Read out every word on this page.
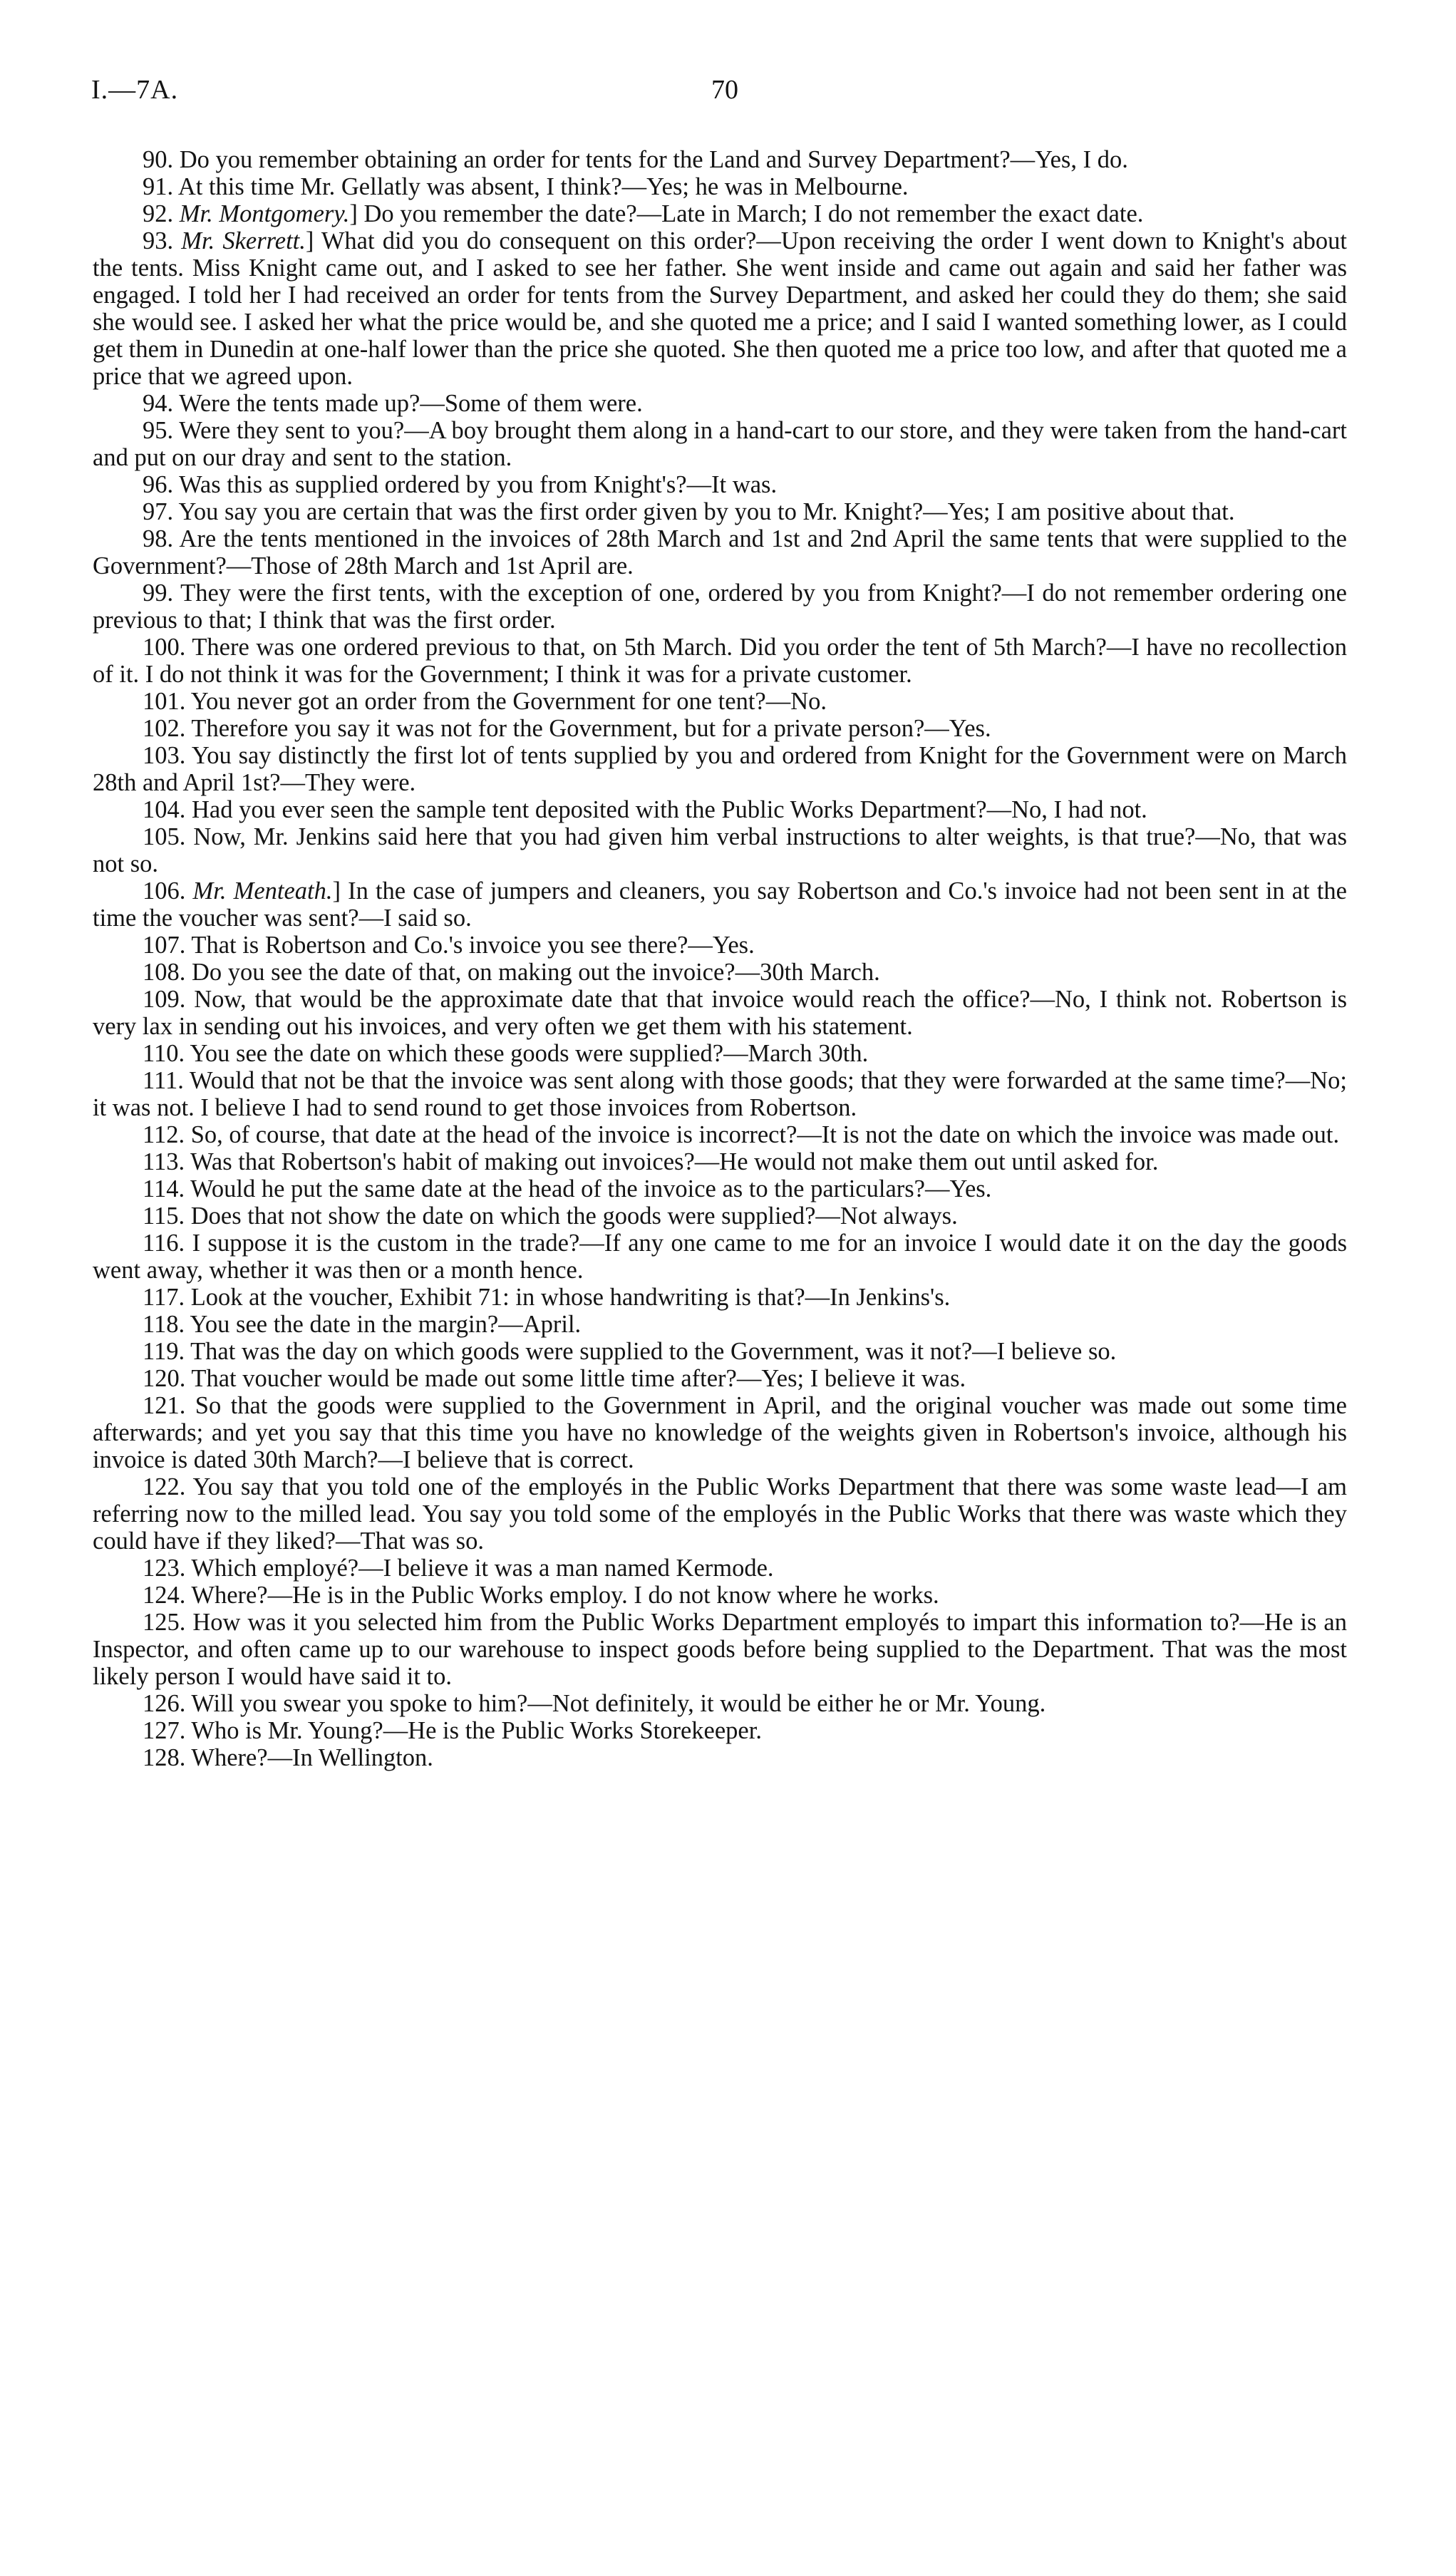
I.—7A.	70

90. Do you remember obtaining an order for tents for the Land and Survey Department?—Yes, I do.

91. At this time Mr. Gellatly was absent, I think?—Yes; he was in Melbourne.

92. Mr. Montgomery.] Do you remember the date?—Late in March; I do not remember the exact date.

93. Mr. Skerrett.] What did you do consequent on this order?—Upon receiving the order I went down to Knight's about the tents. Miss Knight came out, and I asked to see her father. She went inside and came out again and said her father was engaged. I told her I had received an order for tents from the Survey Department, and asked her could they do them; she said she would see. I asked her what the price would be, and she quoted me a price; and I said I wanted something lower, as I could get them in Dunedin at one-half lower than the price she quoted. She then quoted me a price too low, and after that quoted me a price that we agreed upon.

94. Were the tents made up?—Some of them were.

95. Were they sent to you?—A boy brought them along in a hand-cart to our store, and they were taken from the hand-cart and put on our dray and sent to the station.

96. Was this as supplied ordered by you from Knight's?—It was.

97. You say you are certain that was the first order given by you to Mr. Knight?—Yes; I am positive about that.

98. Are the tents mentioned in the invoices of 28th March and 1st and 2nd April the same tents that were supplied to the Government?—Those of 28th March and 1st April are.

99. They were the first tents, with the exception of one, ordered by you from Knight?—I do not remember ordering one previous to that; I think that was the first order.

100. There was one ordered previous to that, on 5th March. Did you order the tent of 5th March?—I have no recollection of it. I do not think it was for the Government; I think it was for a private customer.

101. You never got an order from the Government for one tent?—No.

102. Therefore you say it was not for the Government, but for a private person?—Yes.

103. You say distinctly the first lot of tents supplied by you and ordered from Knight for the Government were on March 28th and April 1st?—They were.

104. Had you ever seen the sample tent deposited with the Public Works Department?—No, I had not.

105. Now, Mr. Jenkins said here that you had given him verbal instructions to alter weights, is that true?—No, that was not so.

106. Mr. Menteath.] In the case of jumpers and cleaners, you say Robertson and Co.'s invoice had not been sent in at the time the voucher was sent?—I said so.

107. That is Robertson and Co.'s invoice you see there?—Yes.

108. Do you see the date of that, on making out the invoice?—30th March.

109. Now, that would be the approximate date that that invoice would reach the office?—No, I think not. Robertson is very lax in sending out his invoices, and very often we get them with his statement.

110. You see the date on which these goods were supplied?—March 30th.

111. Would that not be that the invoice was sent along with those goods; that they were forwarded at the same time?—No; it was not. I believe I had to send round to get those invoices from Robertson.

112. So, of course, that date at the head of the invoice is incorrect?—It is not the date on which the invoice was made out.

113. Was that Robertson's habit of making out invoices?—He would not make them out until asked for.

114. Would he put the same date at the head of the invoice as to the particulars?—Yes.

115. Does that not show the date on which the goods were supplied?—Not always.

116. I suppose it is the custom in the trade?—If any one came to me for an invoice I would date it on the day the goods went away, whether it was then or a month hence.

117. Look at the voucher, Exhibit 71: in whose handwriting is that?—In Jenkins's.

118. You see the date in the margin?—April.

119. That was the day on which goods were supplied to the Government, was it not?—I believe so.

120. That voucher would be made out some little time after?—Yes; I believe it was.

121. So that the goods were supplied to the Government in April, and the original voucher was made out some time afterwards; and yet you say that this time you have no knowledge of the weights given in Robertson's invoice, although his invoice is dated 30th March?—I believe that is correct.

122. You say that you told one of the employés in the Public Works Department that there was some waste lead—I am referring now to the milled lead. You say you told some of the employés in the Public Works that there was waste which they could have if they liked?—That was so.

123. Which employé?—I believe it was a man named Kermode.

124. Where?—He is in the Public Works employ. I do not know where he works.

125. How was it you selected him from the Public Works Department employés to impart this information to?—He is an Inspector, and often came up to our warehouse to inspect goods before being supplied to the Department. That was the most likely person I would have said it to.

126. Will you swear you spoke to him?—Not definitely, it would be either he or Mr. Young.

127. Who is Mr. Young?—He is the Public Works Storekeeper.

128. Where?—In Wellington.
